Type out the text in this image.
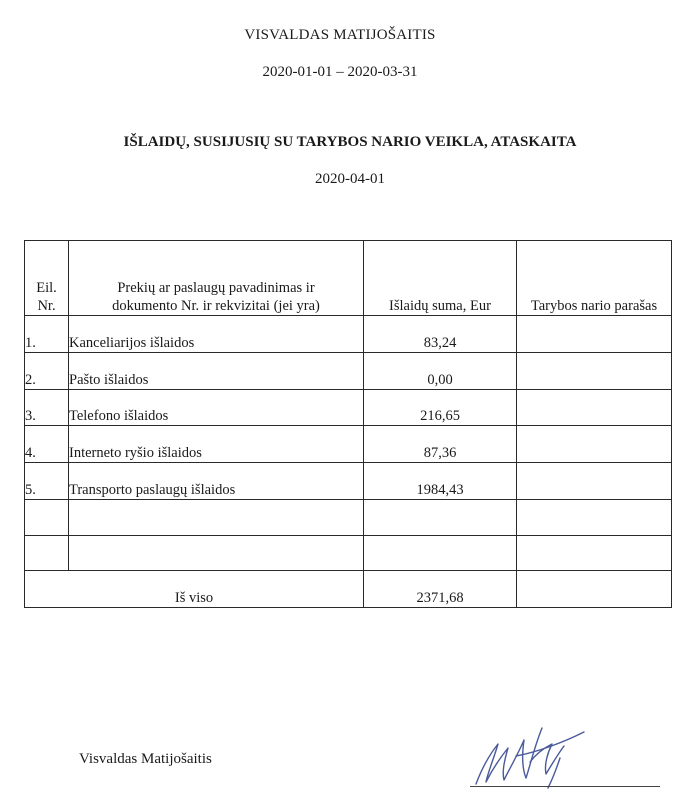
VISVALDAS MATIJOŠAITIS
2020-01-01 – 2020-03-31
IŠLAIDŲ, SUSIJUSIŲ SU TARYBOS NARIO VEIKLA, ATASKAITA
2020-04-01
Eil. Nr.	Prekių ar paslaugų pavadinimas ir dokumento Nr. ir rekvizitai (jei yra)	Išlaidų suma, Eur	Tarybos nario parašas
1.	Kanceliarijos išlaidos	83,24	
2.	Pašto išlaidos	0,00	
3.	Telefono išlaidos	216,65	
4.	Interneto ryšio išlaidos	87,36	
5.	Transporto paslaugų išlaidos	1984,43	

Iš viso		2371,68	
Visvaldas Matijošaitis
